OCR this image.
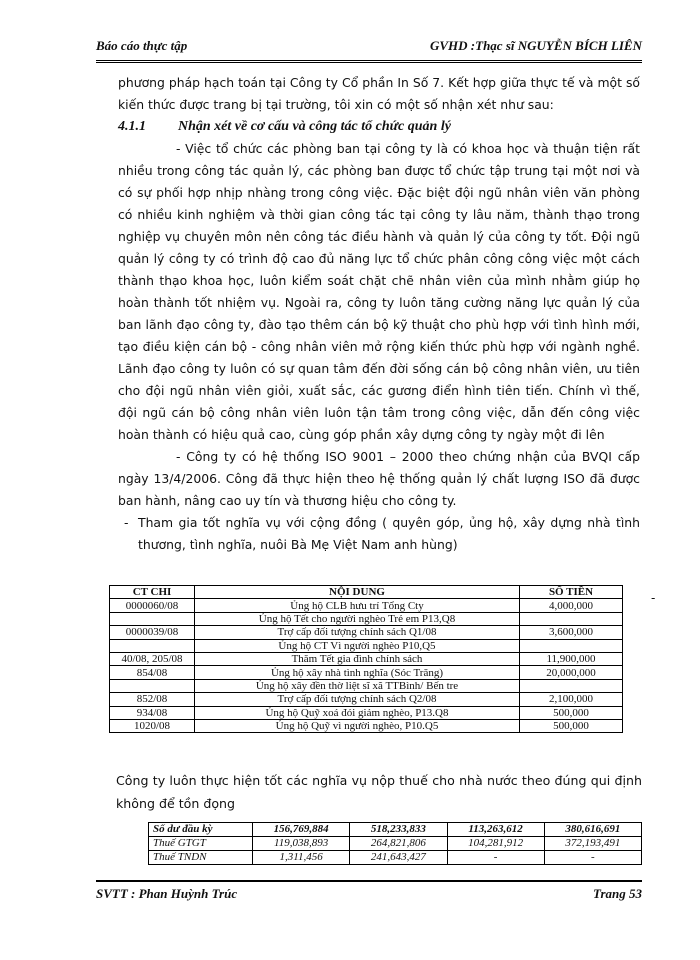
Báo cáo thực tập	GVHD :Thạc sĩ NGUYỄN BÍCH LIÊN

phương pháp hạch toán tại Công ty Cổ phần In Số 7. Kết hợp giữa thực tế và một số kiến thức được trang bị tại trường, tôi xin có một số nhận xét như sau:

4.1.1 Nhận xét về cơ cấu và công tác tổ chức quản lý

- Việc tổ chức các phòng ban tại công ty là có khoa học và thuận tiện rất nhiều trong công tác quản lý, các phòng ban được tổ chức tập trung tại một nơi và có sự phối hợp nhịp nhàng trong công việc. Đặc biệt đội ngũ nhân viên văn phòng có nhiều kinh nghiệm và thời gian công tác tại công ty lâu năm, thành thạo trong nghiệp vụ chuyên môn nên công tác điều hành và quản lý của công ty tốt. Đội ngũ quản lý công ty có trình độ cao đủ năng lực tổ chức phân công công việc một cách thành thạo khoa học, luôn kiểm soát chặt chẽ nhân viên của mình nhằm giúp họ hoàn thành tốt nhiệm vụ. Ngoài ra, công ty luôn tăng cường năng lực quản lý của ban lãnh đạo công ty, đào tạo thêm cán bộ kỹ thuật cho phù hợp với tình hình mới, tạo điều kiện cán bộ - công nhân viên mở rộng kiến thức phù hợp với ngành nghề. Lãnh đạo công ty luôn có sự quan tâm đến đời sống cán bộ công nhân viên, ưu tiên cho đội ngũ nhân viên giỏi, xuất sắc, các gương điển hình tiên tiến. Chính vì thế, đội ngũ cán bộ công nhân viên luôn tận tâm trong công việc, dẫn đến công việc hoàn thành có hiệu quả cao, cùng góp phần xây dựng công ty ngày một đi lên

- Công ty có hệ thống ISO 9001 – 2000 theo chứng nhận của BVQI cấp ngày 13/4/2006. Công đã thực hiện theo hệ thống quản lý chất lượng ISO đã được ban hành, nâng cao uy tín và thương hiệu cho công ty.

- Tham gia tốt nghĩa vụ với cộng đồng ( quyên góp, ủng hộ, xây dựng nhà tình thương, tình nghĩa, nuôi Bà Mẹ Việt Nam anh hùng)

CT CHI	NỘI DUNG	SỐ TIỀN
0000060/08	Ủng hộ CLB hưu trí Tổng Cty	4,000,000
	Ủng hộ Tết cho người nghèo Trẻ em P13,Q8	
0000039/08	Trợ cấp đối tượng chính sách Q1/08	3,600,000
	Ủng hộ CT Vì người nghèo P10,Q5	
40/08, 205/08	Thăm Tết gia đình chính sách	11,900,000
854/08	Ủng hộ xây nhà tình nghĩa (Sóc Trăng)	20,000,000
	Ủng hộ xây đền thờ liệt sĩ xã TTBình/ Bến tre	
852/08	Trợ cấp đối tượng chính sách Q2/08	2,100,000
934/08	Ủng hộ Quỹ xoá đói giảm nghèo, P13.Q8	500,000
1020/08	Ủng hộ Quỹ vì người nghèo, P10.Q5	500,000
-

Công ty luôn thực hiện tốt các nghĩa vụ nộp thuế cho nhà nước theo đúng qui định không để tồn đọng

Số dư đầu kỳ	156,769,884	518,233,833	113,263,612	380,616,691
Thuế GTGT	119,038,893	264,821,806	104,281,912	372,193,491
Thuế TNDN	1,311,456	241,643,427	-	-
SVTT : Phan Huỳnh Trúc	Trang 53
